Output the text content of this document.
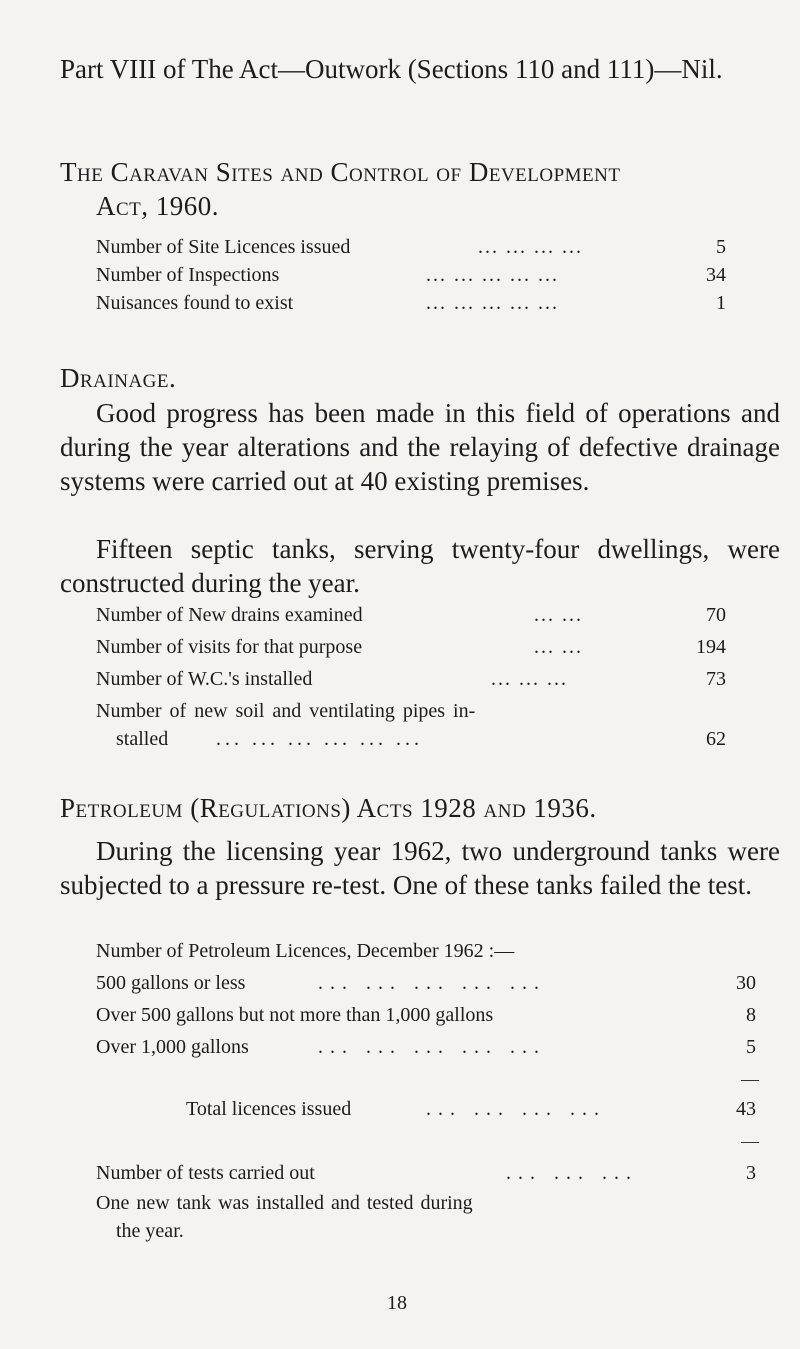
Part VIII of The Act—Outwork (Sections 110 and 111)—Nil.
The Caravan Sites and Control of Development
Act, 1960.
Number of Site Licences issued	... ... ... ...	5
Number of Inspections	... ... ... ... ...	34
Nuisances found to exist	... ... ... ... ...	1
Drainage.
Good progress has been made in this field of operations and during the year alterations and the relaying of defective drainage systems were carried out at 40 existing premises.
Fifteen septic tanks, serving twenty-four dwellings, were constructed during the year.
Number of New drains examined	... ...	70
Number of visits for that purpose	... ...	194
Number of W.C.'s installed	... ... ...	73
Number of new soil and ventilating pipes in-
stalled ... ... ... ... ... ...	62
Petroleum (Regulations) Acts 1928 and 1936.
During the licensing year 1962, two underground tanks were subjected to a pressure re-test. One of these tanks failed the test.
Number of Petroleum Licences, December 1962 :—
500 gallons or less	... ... ... ... ...	30
Over 500 gallons but not more than 1,000 gallons	8
Over 1,000 gallons	... ... ... ... ...	5
Total licences issued	... ... ... ...	43
Number of tests carried out	... ... ...	3
One new tank was installed and tested during
the year.
18
